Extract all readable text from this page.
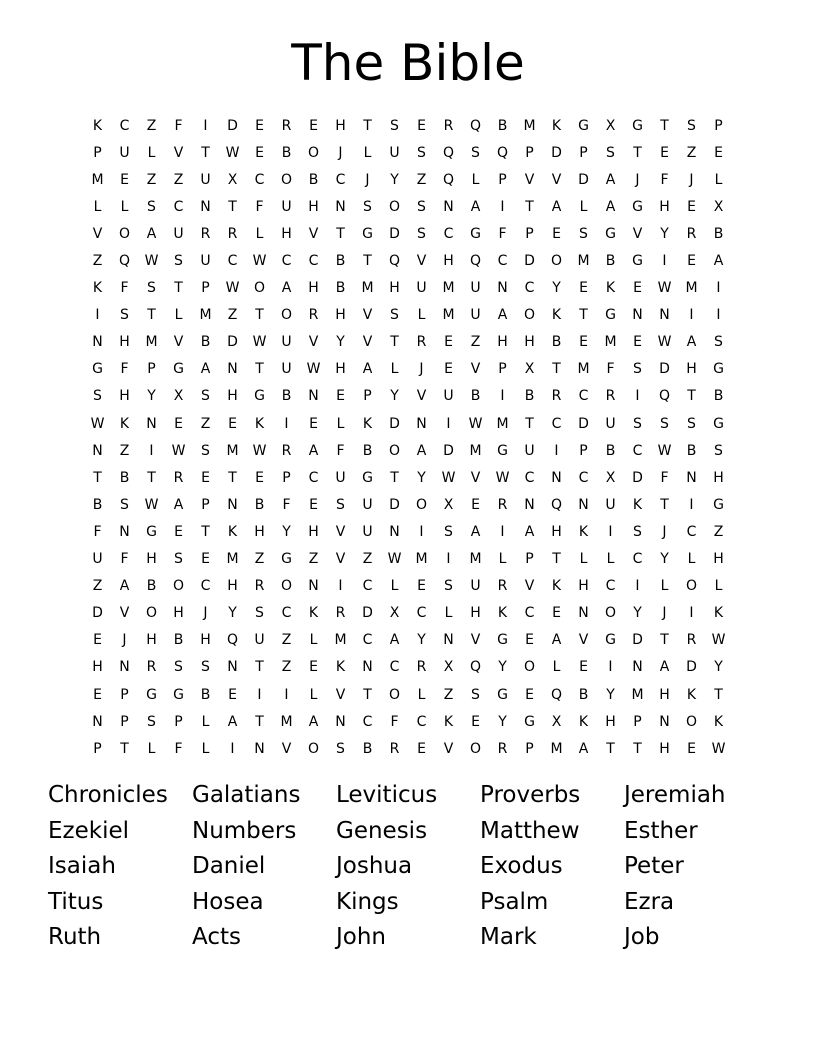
The Bible
K	C	Z	F	I	D	E	R	E	H	T	S	E	R	Q	B	M	K	G	X	G	T	S	P
P	U	L	V	T	W	E	B	O	J	L	U	S	Q	S	Q	P	D	P	S	T	E	Z	E
M	E	Z	Z	U	X	C	O	B	C	J	Y	Z	Q	L	P	V	V	D	A	J	F	J	L
L	L	S	C	N	T	F	U	H	N	S	O	S	N	A	I	T	A	L	A	G	H	E	X
V	O	A	U	R	R	L	H	V	T	G	D	S	C	G	F	P	E	S	G	V	Y	R	B
Z	Q	W	S	U	C	W	C	C	B	T	Q	V	H	Q	C	D	O	M	B	G	I	E	A
K	F	S	T	P	W	O	A	H	B	M	H	U	M	U	N	C	Y	E	K	E	W	M	I
I	S	T	L	M	Z	T	O	R	H	V	S	L	M	U	A	O	K	T	G	N	N	I	I
N	H	M	V	B	D	W	U	V	Y	V	T	R	E	Z	H	H	B	E	M	E	W	A	S
G	F	P	G	A	N	T	U	W	H	A	L	J	E	V	P	X	T	M	F	S	D	H	G
S	H	Y	X	S	H	G	B	N	E	P	Y	V	U	B	I	B	R	C	R	I	Q	T	B
W	K	N	E	Z	E	K	I	E	L	K	D	N	I	W	M	T	C	D	U	S	S	S	G
N	Z	I	W	S	M	W	R	A	F	B	O	A	D	M	G	U	I	P	B	C	W	B	S
T	B	T	R	E	T	E	P	C	U	G	T	Y	W	V	W	C	N	C	X	D	F	N	H
B	S	W	A	P	N	B	F	E	S	U	D	O	X	E	R	N	Q	N	U	K	T	I	G
F	N	G	E	T	K	H	Y	H	V	U	N	I	S	A	I	A	H	K	I	S	J	C	Z
U	F	H	S	E	M	Z	G	Z	V	Z	W	M	I	M	L	P	T	L	L	C	Y	L	H
Z	A	B	O	C	H	R	O	N	I	C	L	E	S	U	R	V	K	H	C	I	L	O	L
D	V	O	H	J	Y	S	C	K	R	D	X	C	L	H	K	C	E	N	O	Y	J	I	K
E	J	H	B	H	Q	U	Z	L	M	C	A	Y	N	V	G	E	A	V	G	D	T	R	W
H	N	R	S	S	N	T	Z	E	K	N	C	R	X	Q	Y	O	L	E	I	N	A	D	Y
E	P	G	G	B	E	I	I	L	V	T	O	L	Z	S	G	E	Q	B	Y	M	H	K	T
N	P	S	P	L	A	T	M	A	N	C	F	C	K	E	Y	G	X	K	H	P	N	O	K
P	T	L	F	L	I	N	V	O	S	B	R	E	V	O	R	P	M	A	T	T	H	E	W
Chronicles	Galatians	Leviticus	Proverbs	Jeremiah
Ezekiel	Numbers	Genesis	Matthew	Esther
Isaiah	Daniel	Joshua	Exodus	Peter
Titus	Hosea	Kings	Psalm	Ezra
Ruth	Acts	John	Mark	Job
